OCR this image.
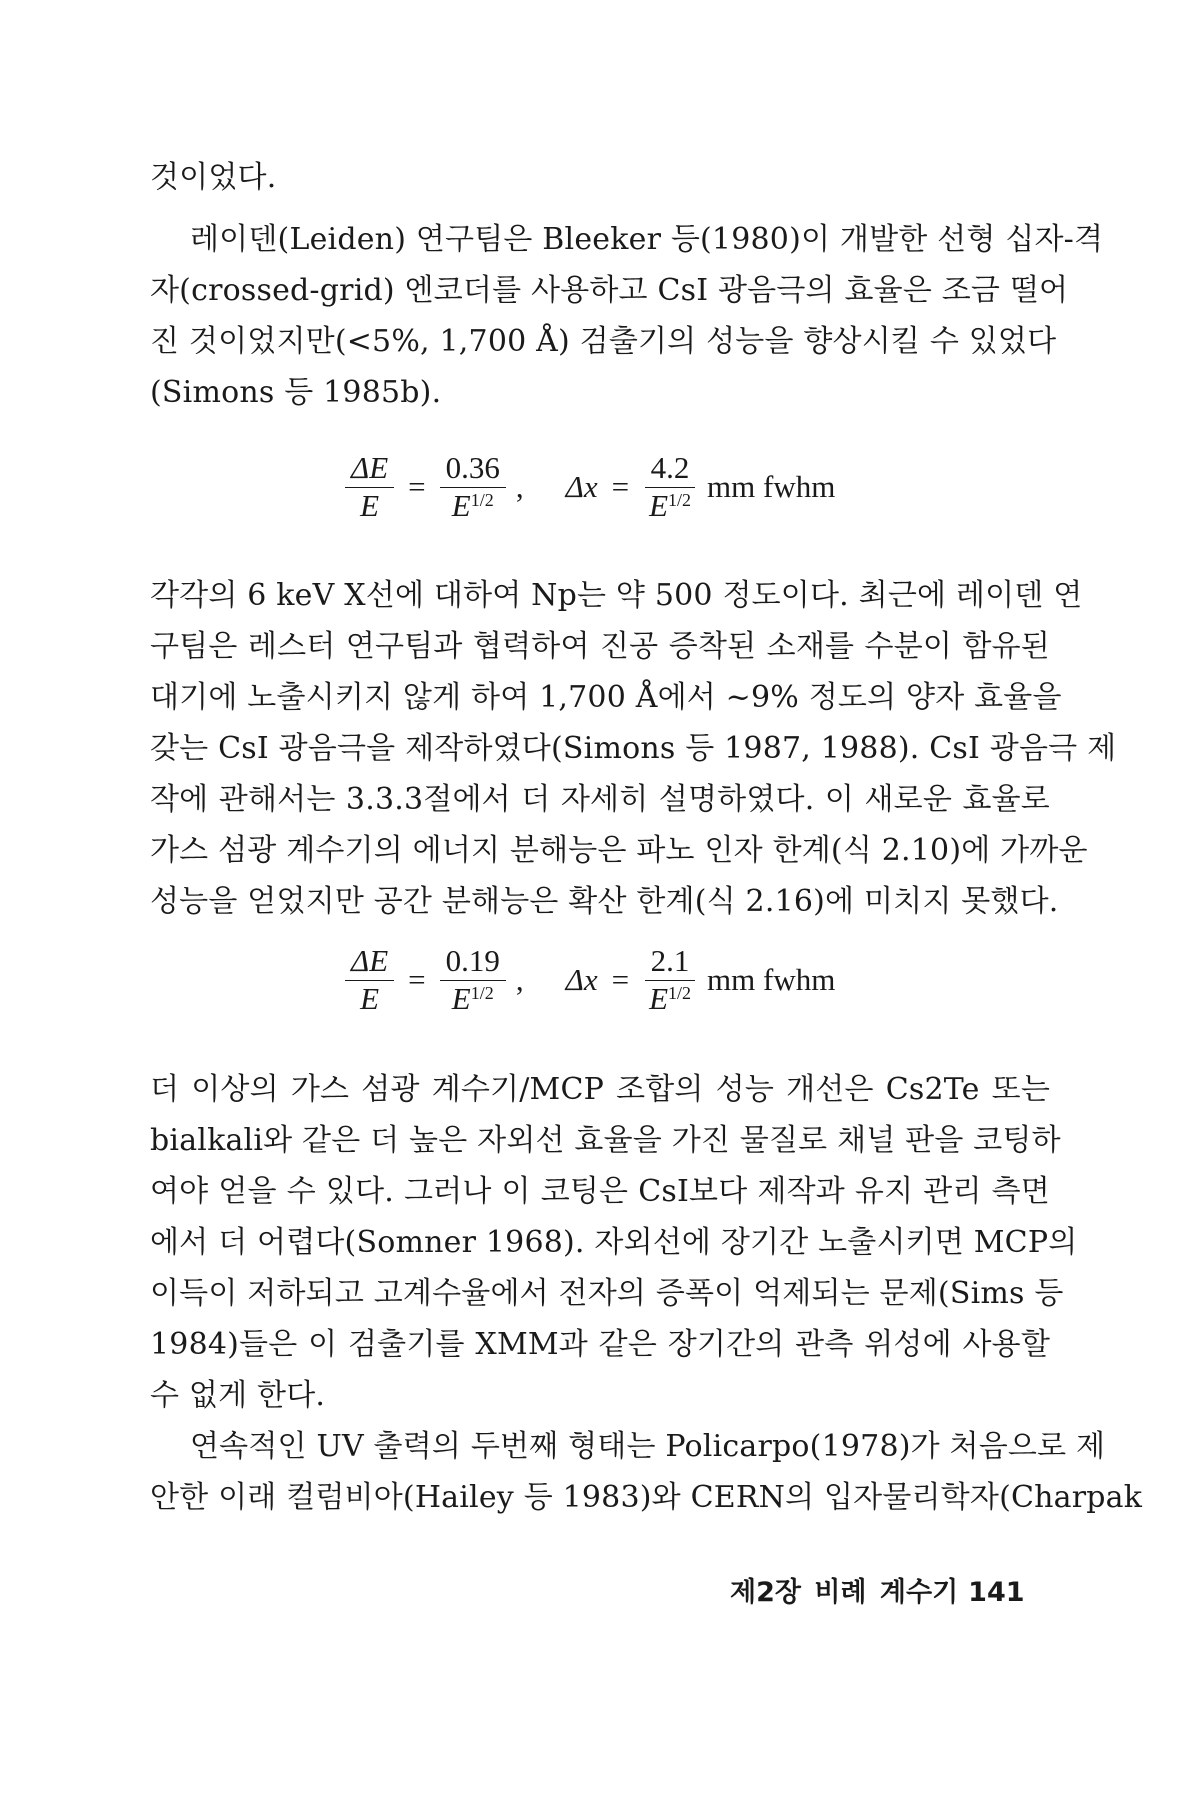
것이었다.
레이덴(Leiden) 연구팀은 Bleeker 등(1980)이 개발한 선형 십자-격
자(crossed-grid) 엔코더를 사용하고 CsI 광음극의 효율은 조금 떨어
진 것이었지만(<5%, 1,700 Å) 검출기의 성능을 향상시킬 수 있었다
(Simons 등 1985b).
$\frac{\Delta E}{E} = \frac{0.36}{E^{1/2}}$ , $\Delta x = \frac{4.2}{E^{1/2}}$ mm fwhm
각각의 6 keV X선에 대하여 Np는 약 500 정도이다. 최근에 레이덴 연
구팀은 레스터 연구팀과 협력하여 진공 증착된 소재를 수분이 함유된
대기에 노출시키지 않게 하여 1,700 Å에서 ~9% 정도의 양자 효율을
갖는 CsI 광음극을 제작하였다(Simons 등 1987, 1988). CsI 광음극 제
작에 관해서는 3.3.3절에서 더 자세히 설명하였다. 이 새로운 효율로
가스 섬광 계수기의 에너지 분해능은 파노 인자 한계(식 2.10)에 가까운
성능을 얻었지만 공간 분해능은 확산 한계(식 2.16)에 미치지 못했다.
$\frac{\Delta E}{E} = \frac{0.19}{E^{1/2}}$ , $\Delta x = \frac{2.1}{E^{1/2}}$ mm fwhm
더 이상의 가스 섬광 계수기/MCP 조합의 성능 개선은 Cs2Te 또는
bialkali와 같은 더 높은 자외선 효율을 가진 물질로 채널 판을 코팅하
여야 얻을 수 있다. 그러나 이 코팅은 CsI보다 제작과 유지 관리 측면
에서 더 어렵다(Somner 1968). 자외선에 장기간 노출시키면 MCP의
이득이 저하되고 고계수율에서 전자의 증폭이 억제되는 문제(Sims 등
1984)들은 이 검출기를 XMM과 같은 장기간의 관측 위성에 사용할
수 없게 한다.
연속적인 UV 출력의 두번째 형태는 Policarpo(1978)가 처음으로 제
안한 이래 컬럼비아(Hailey 등 1983)와 CERN의 입자물리학자(Charpak
제2장 비례 계수기 141
